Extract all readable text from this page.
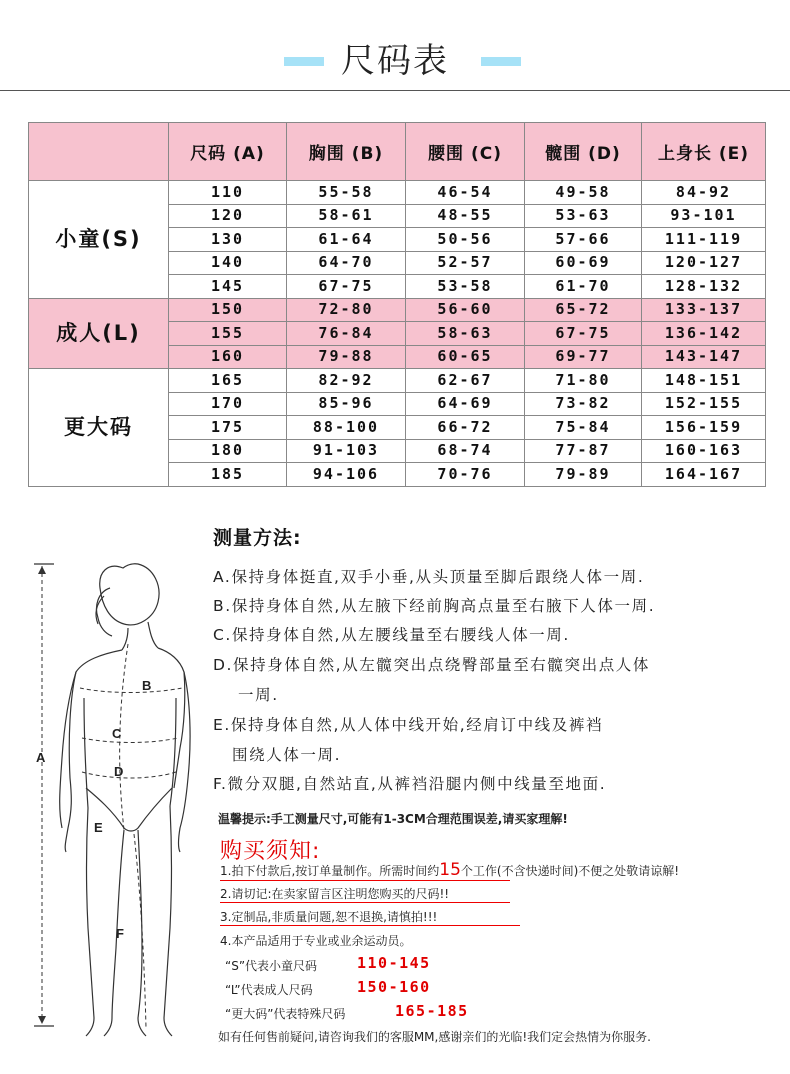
尺码表
	尺码 (A)	胸围 (B)	腰围 (C)	髋围 (D)	上身长 (E)
小童(S)	110	55-58	46-54	49-58	84-92
	120	58-61	48-55	53-63	93-101
	130	61-64	50-56	57-66	111-119
	140	64-70	52-57	60-69	120-127
	145	67-75	53-58	61-70	128-132
成人(L)	150	72-80	56-60	65-72	133-137
	155	76-84	58-63	67-75	136-142
	160	79-88	60-65	69-77	143-147
更大码	165	82-92	62-67	71-80	148-151
	170	85-96	64-69	73-82	152-155
	175	88-100	66-72	75-84	156-159
	180	91-103	68-74	77-87	160-163
	185	94-106	70-76	79-89	164-167
A
B
C
D
E
F
测量方法:
A.保持身体挺直,双手小垂,从头顶量至脚后跟绕人体一周.
B.保持身体自然,从左腋下经前胸高点量至右腋下人体一周.
C.保持身体自然,从左腰线量至右腰线人体一周.
D.保持身体自然,从左髋突出点绕臀部量至右髋突出点人体
一周.
E.保持身体自然,从人体中线开始,经肩订中线及裤裆
围绕人体一周.
F.微分双腿,自然站直,从裤裆沿腿内侧中线量至地面.
温馨提示:手工测量尺寸,可能有1-3CM合理范围误差,请买家理解!
购买须知:
1.拍下付款后,按订单量制作。所需时间约15个工作(不含快递时间)不便之处敬请谅解!
2.请切记:在卖家留言区注明您购买的尺码!!
3.定制品,非质量问题,恕不退换,请慎拍!!!
4.本产品适用于专业或业余运动员。
“S”代表小童尺码	110-145
“L”代表成人尺码	150-160
“更大码”代表特殊尺码	165-185
如有任何售前疑问,请咨询我们的客服MM,感谢亲们的光临!我们定会热情为你服务.
